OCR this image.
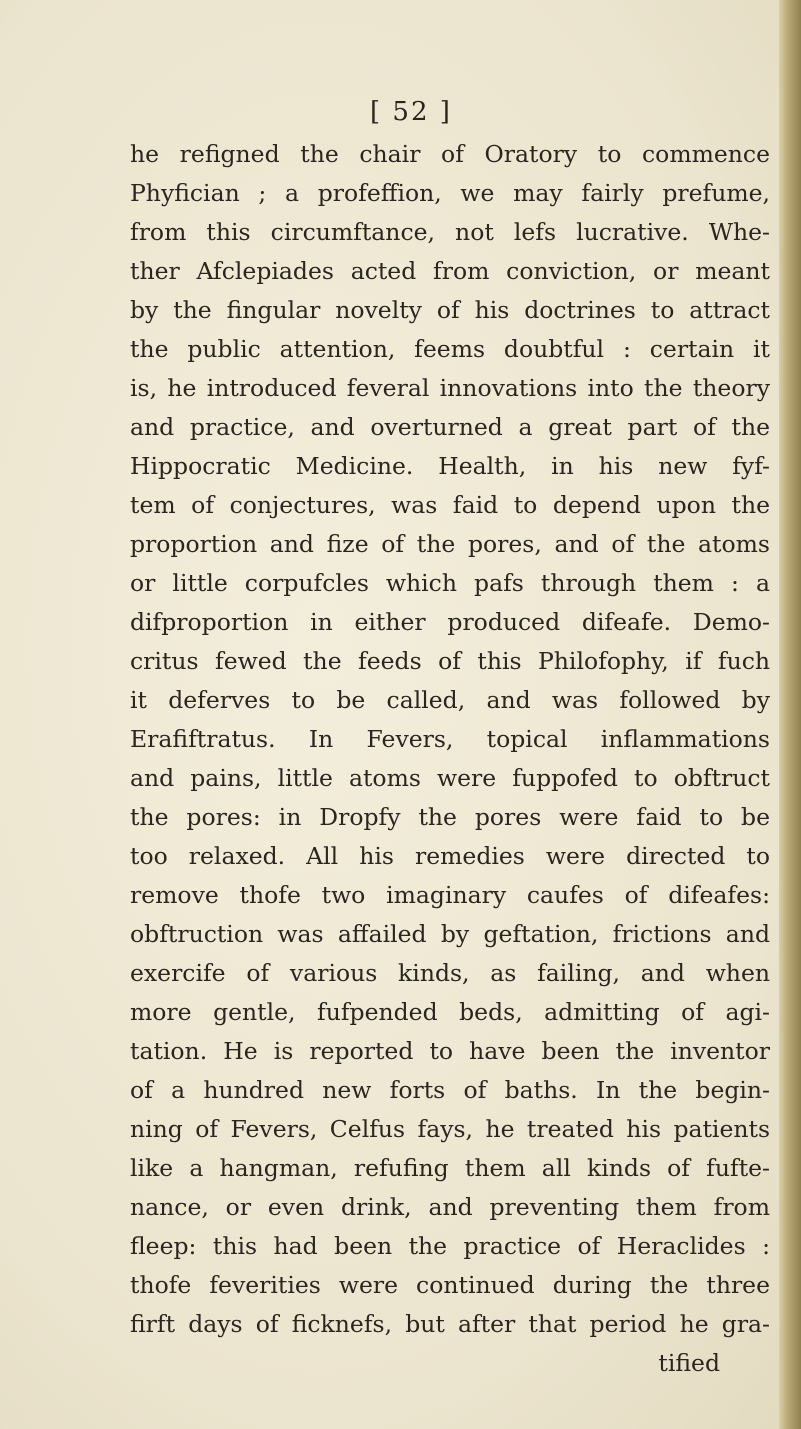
[ 52 ]
he refigned the chair of Oratory to commence
Phyfician ; a profeffion, we may fairly prefume,
from this circumftance, not lefs lucrative. Whe-
ther Afclepiades acted from conviction, or meant
by the fingular novelty of his doctrines to attract
the public attention, feems doubtful : certain it
is, he introduced feveral innovations into the theory
and practice, and overturned a great part of the
Hippocratic Medicine. Health, in his new fyf-
tem of conjectures, was faid to depend upon the
proportion and fize of the pores, and of the atoms
or little corpufcles which pafs through them : a
difproportion in either produced difeafe. Demo-
critus fewed the feeds of this Philofophy, if fuch
it deferves to be called, and was followed by
Erafiftratus. In Fevers, topical inflammations
and pains, little atoms were fuppofed to obftruct
the pores: in Dropfy the pores were faid to be
too relaxed. All his remedies were directed to
remove thofe two imaginary caufes of difeafes:
obftruction was affailed by geftation, frictions and
exercife of various kinds, as failing, and when
more gentle, fufpended beds, admitting of agi-
tation. He is reported to have been the inventor
of a hundred new forts of baths. In the begin-
ning of Fevers, Celfus fays, he treated his patients
like a hangman, refufing them all kinds of fufte-
nance, or even drink, and preventing them from
fleep: this had been the practice of Heraclides :
thofe feverities were continued during the three
firft days of ficknefs, but after that period he gra-
tified
